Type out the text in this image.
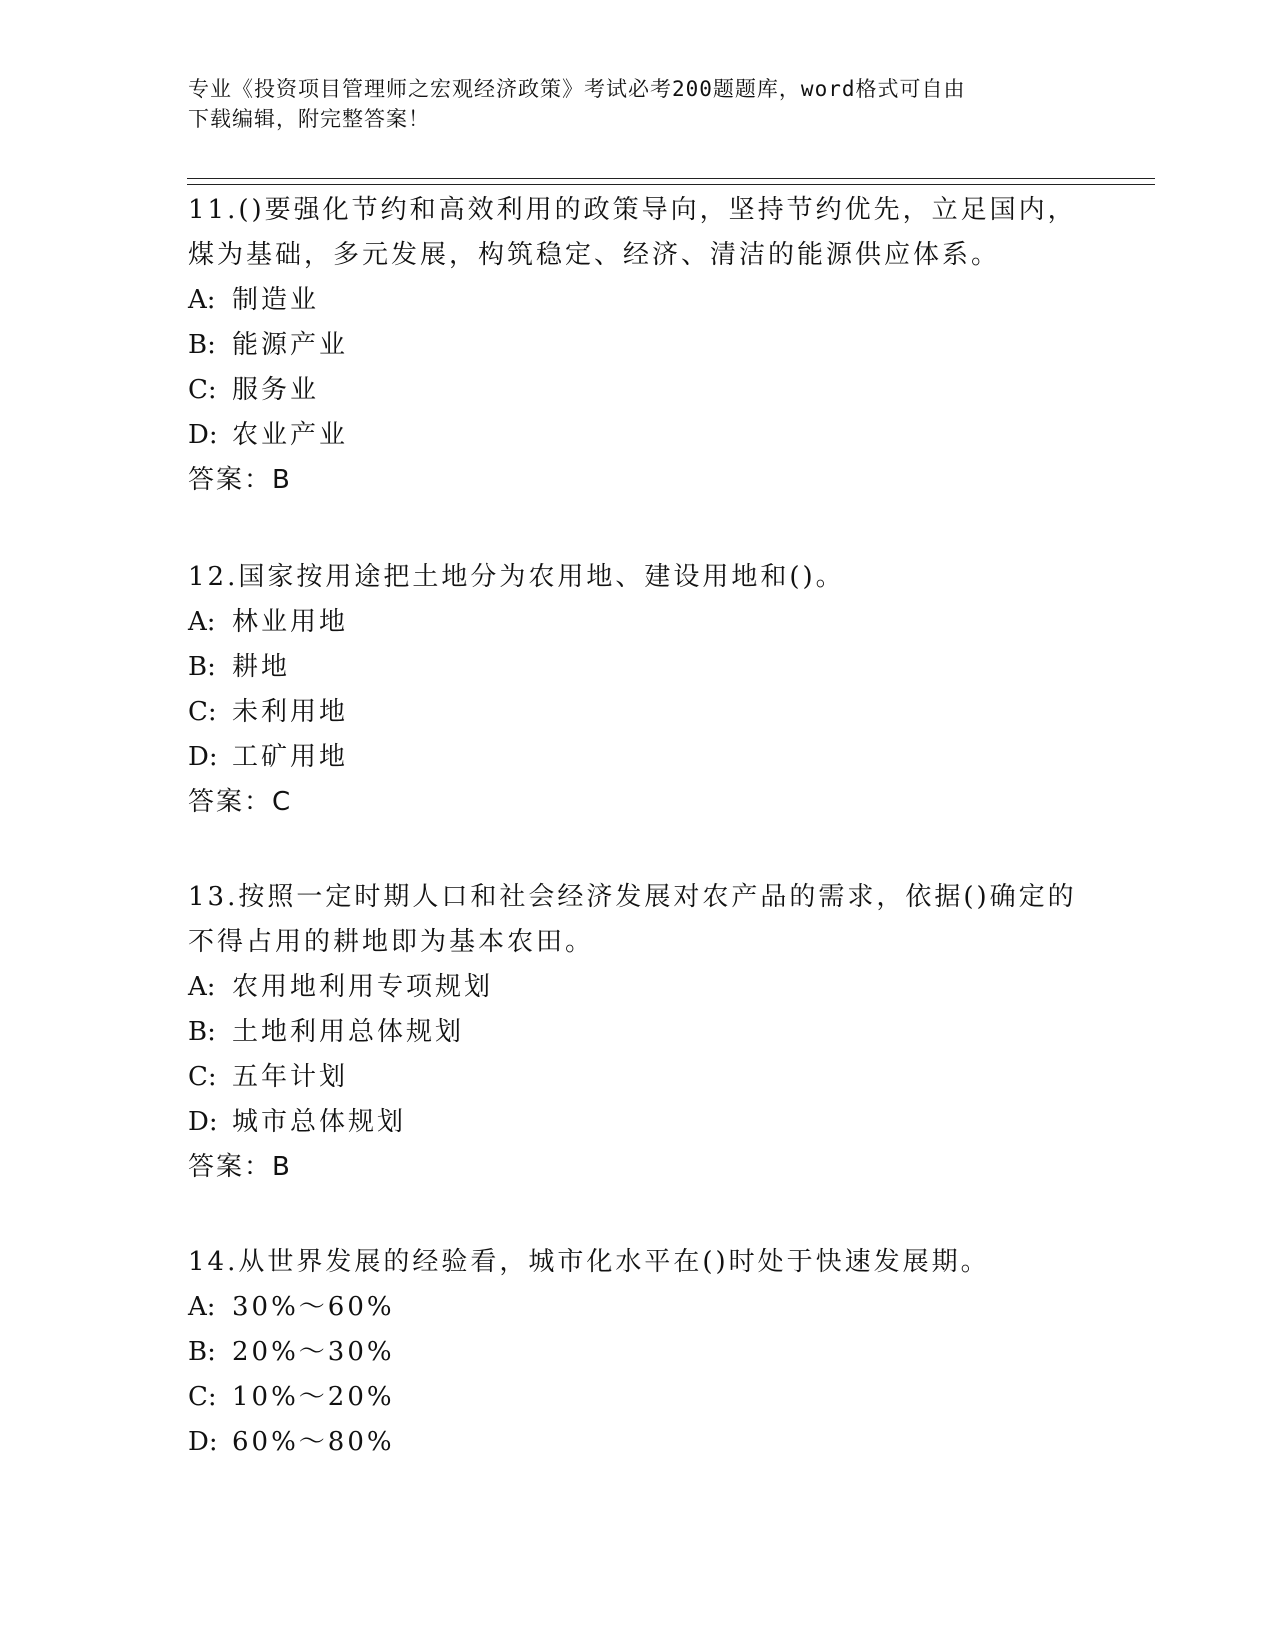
专业《投资项目管理师之宏观经济政策》考试必考200题题库，word格式可自由
下载编辑，附完整答案！
11.()要强化节约和高效利用的政策导向，坚持节约优先，立足国内，
煤为基础，多元发展，构筑稳定、经济、清洁的能源供应体系。
A: 制造业
B: 能源产业
C: 服务业
D: 农业产业
答案：B
12.国家按用途把土地分为农用地、建设用地和()。
A: 林业用地
B: 耕地
C: 未利用地
D: 工矿用地
答案：C
13.按照一定时期人口和社会经济发展对农产品的需求，依据()确定的
不得占用的耕地即为基本农田。
A: 农用地利用专项规划
B: 土地利用总体规划
C: 五年计划
D: 城市总体规划
答案：B
14.从世界发展的经验看，城市化水平在()时处于快速发展期。
A: 30%～60%
B: 20%～30%
C: 10%～20%
D: 60%～80%
